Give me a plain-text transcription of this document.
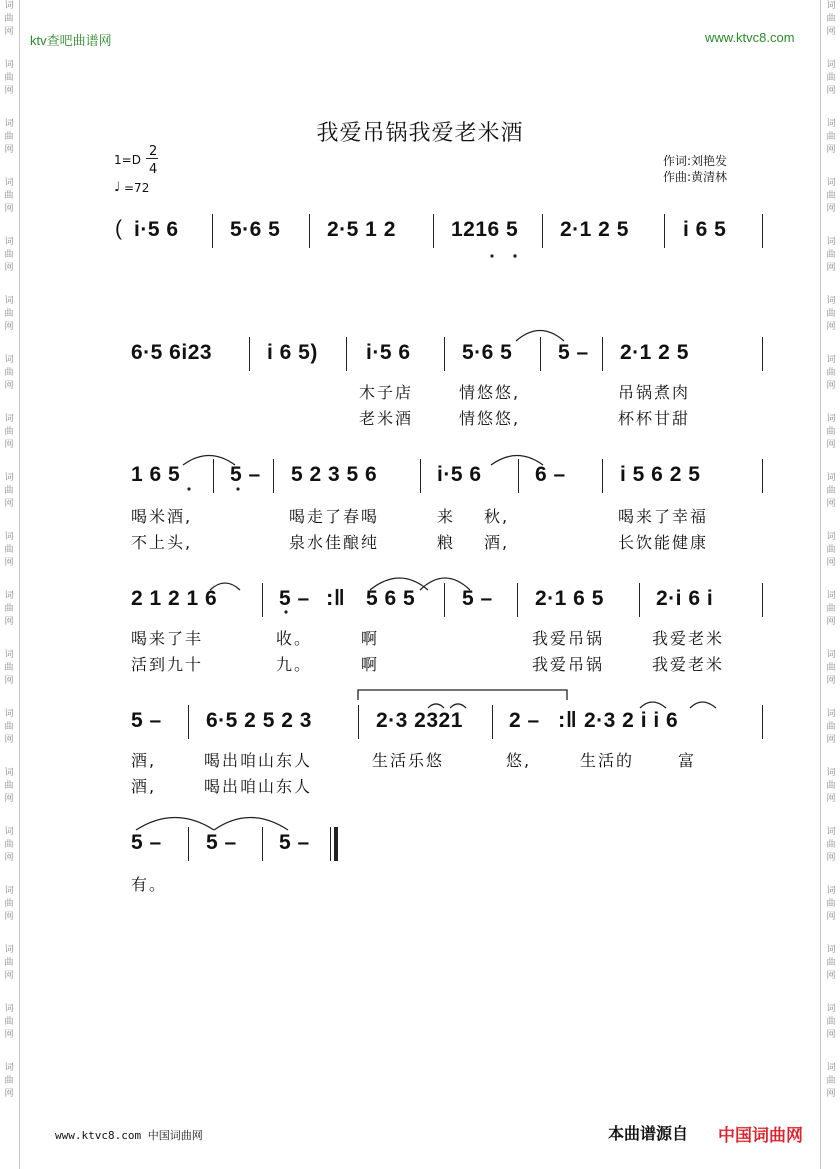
词
曲
网
词
曲
网
词
曲
网
词
曲
网
词
曲
网
词
曲
网
词
曲
网
词
曲
网
词
曲
网
词
曲
网
词
曲
网
词
曲
网
词
曲
网
词
曲
网
词
曲
网
词
曲
网
词
曲
网
词
曲
网
词
曲
网
词
曲
网
词
曲
网
词
曲
网
词
曲
网
词
曲
网
词
曲
网
词
曲
网
词
曲
网
词
曲
网
词
曲
网
词
曲
网
词
曲
网
词
曲
网
词
曲
网
词
曲
网
词
曲
网
词
曲
网
词
曲
网
词
曲
网
ktv查吧曲谱网	www.ktvc8.com
我爱吊锅我爱老米酒
1=D
2
4
♩ =72
作词:刘艳发
作曲:黄清林
( i·5 6 5·6 5 2·5 1 2	1216 5 2·1 2 5	i 6 5
6·5 6i23	i 6 5) i·5 6 5·6 5 5 – 2·1 2 5
木子店	情悠悠,	吊锅煮肉
老米酒	情悠悠,	杯杯甘甜
1 6 5 5 – 5 2 3 5 6	i·5 6	6 –	i 5 6 2 5
喝米酒,	喝走了春喝	来 秋,	喝来了幸福
不上头,	泉水佳酿纯	粮 酒,	长饮能健康
2 1 2 1 6	5 – :‖ 5 6 5 5 – 2·1 6 5 2·i 6 i
喝来了丰	收。	啊	我爱吊锅	我爱老米
活到九十	九。	啊	我爱吊锅	我爱老米
5 – 6·5 2 5 2 3	2·3 2321 2 – :‖ 2·3 2 i i 6
酒,	喝出咱山东人	生活乐悠	悠,	生活的	富
酒,	喝出咱山东人
5 – 5 – 5 –
有。
www.ktvc8.com 中国词曲网	本曲谱源自 中国词曲网
